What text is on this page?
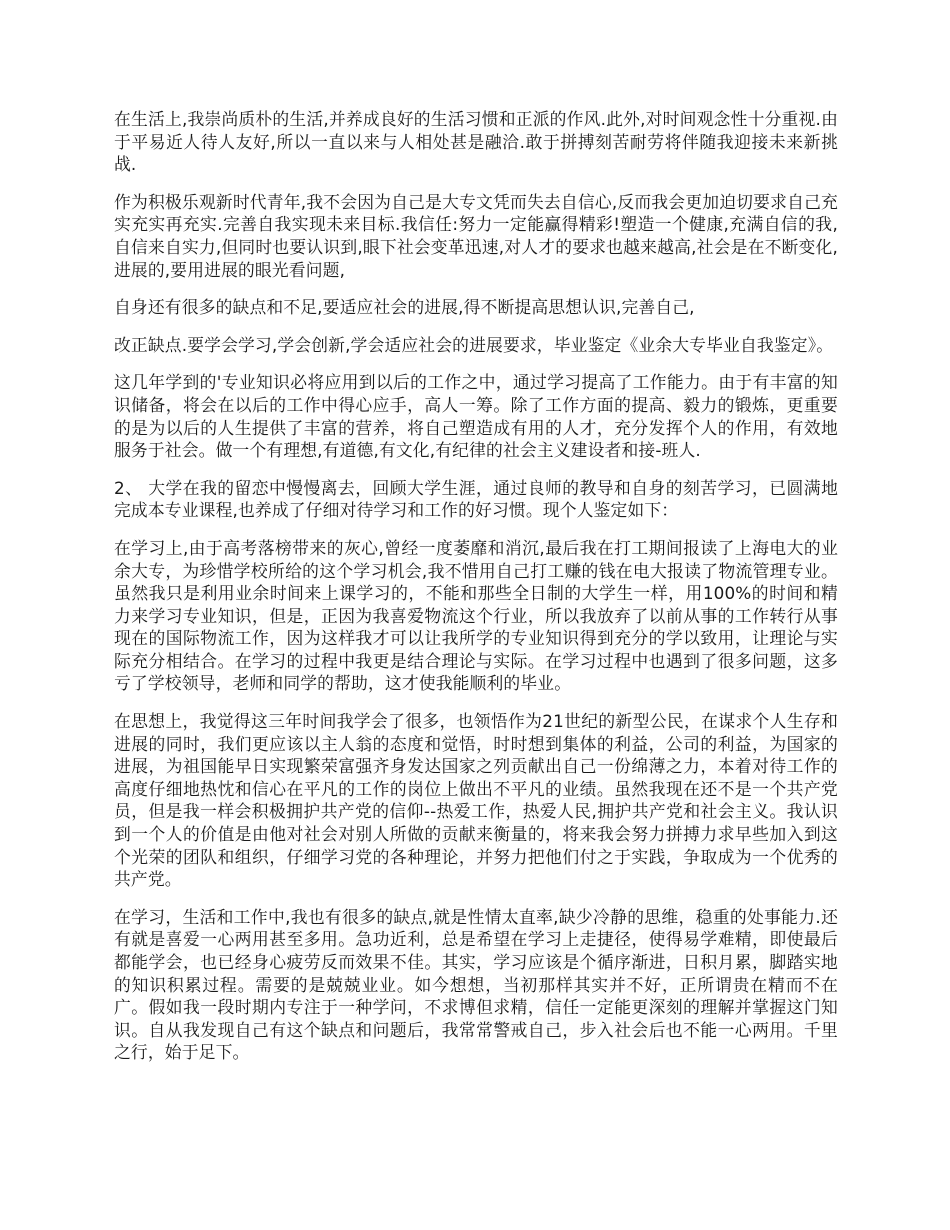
在生活上,我崇尚质朴的生活,并养成良好的生活习惯和正派的作风.此外,对时间观念性十分重视.由于平易近人待人友好,所以一直以来与人相处甚是融洽.敢于拼搏刻苦耐劳将伴随我迎接未来新挑战.

作为积极乐观新时代青年,我不会因为自己是大专文凭而失去自信心,反而我会更加迫切要求自己充实充实再充实.完善自我实现未来目标.我信任:努力一定能赢得精彩!塑造一个健康,充满自信的我,自信来自实力,但同时也要认识到,眼下社会变革迅速,对人才的要求也越来越高,社会是在不断变化,进展的,要用进展的眼光看问题,

自身还有很多的缺点和不足,要适应社会的进展,得不断提高思想认识,完善自己,

改正缺点.要学会学习,学会创新,学会适应社会的进展要求，毕业鉴定《业余大专毕业自我鉴定》。

这几年学到的'专业知识必将应用到以后的工作之中，通过学习提高了工作能力。由于有丰富的知识储备，将会在以后的工作中得心应手，高人一筹。除了工作方面的提高、毅力的锻炼，更重要的是为以后的人生提供了丰富的营养，将自己塑造成有用的人才，充分发挥个人的作用，有效地服务于社会。做一个有理想,有道德,有文化,有纪律的社会主义建设者和接-班人.

2、 大学在我的留恋中慢慢离去，回顾大学生涯，通过良师的教导和自身的刻苦学习，已圆满地完成本专业课程,也养成了仔细对待学习和工作的好习惯。现个人鉴定如下：

在学习上,由于高考落榜带来的灰心,曾经一度萎靡和消沉,最后我在打工期间报读了上海电大的业余大专，为珍惜学校所给的这个学习机会,我不惜用自己打工赚的钱在电大报读了物流管理专业。虽然我只是利用业余时间来上课学习的，不能和那些全日制的大学生一样，用100%的时间和精力来学习专业知识，但是，正因为我喜爱物流这个行业，所以我放弃了以前从事的工作转行从事现在的国际物流工作，因为这样我才可以让我所学的专业知识得到充分的学以致用，让理论与实际充分相结合。在学习的过程中我更是结合理论与实际。在学习过程中也遇到了很多问题，这多亏了学校领导，老师和同学的帮助，这才使我能顺利的毕业。

在思想上，我觉得这三年时间我学会了很多，也领悟作为21世纪的新型公民，在谋求个人生存和进展的同时，我们更应该以主人翁的态度和觉悟，时时想到集体的利益，公司的利益，为国家的进展，为祖国能早日实现繁荣富强齐身发达国家之列贡献出自己一份绵薄之力，本着对待工作的高度仔细地热忱和信心在平凡的工作的岗位上做出不平凡的业绩。虽然我现在还不是一个共产党员，但是我一样会积极拥护共产党的信仰--热爱工作，热爱人民,拥护共产党和社会主义。我认识到一个人的价值是由他对社会对别人所做的贡献来衡量的，将来我会努力拼搏力求早些加入到这个光荣的团队和组织，仔细学习党的各种理论，并努力把他们付之于实践，争取成为一个优秀的共产党。

在学习，生活和工作中,我也有很多的缺点,就是性情太直率,缺少冷静的思维，稳重的处事能力.还有就是喜爱一心两用甚至多用。急功近利，总是希望在学习上走捷径，使得易学难精，即使最后都能学会，也已经身心疲劳反而效果不佳。其实，学习应该是个循序渐进，日积月累，脚踏实地的知识积累过程。需要的是兢兢业业。如今想想，当初那样其实并不好，正所谓贵在精而不在广。假如我一段时期内专注于一种学问，不求博但求精，信任一定能更深刻的理解并掌握这门知识。自从我发现自己有这个缺点和问题后，我常常警戒自己，步入社会后也不能一心两用。千里之行，始于足下。
